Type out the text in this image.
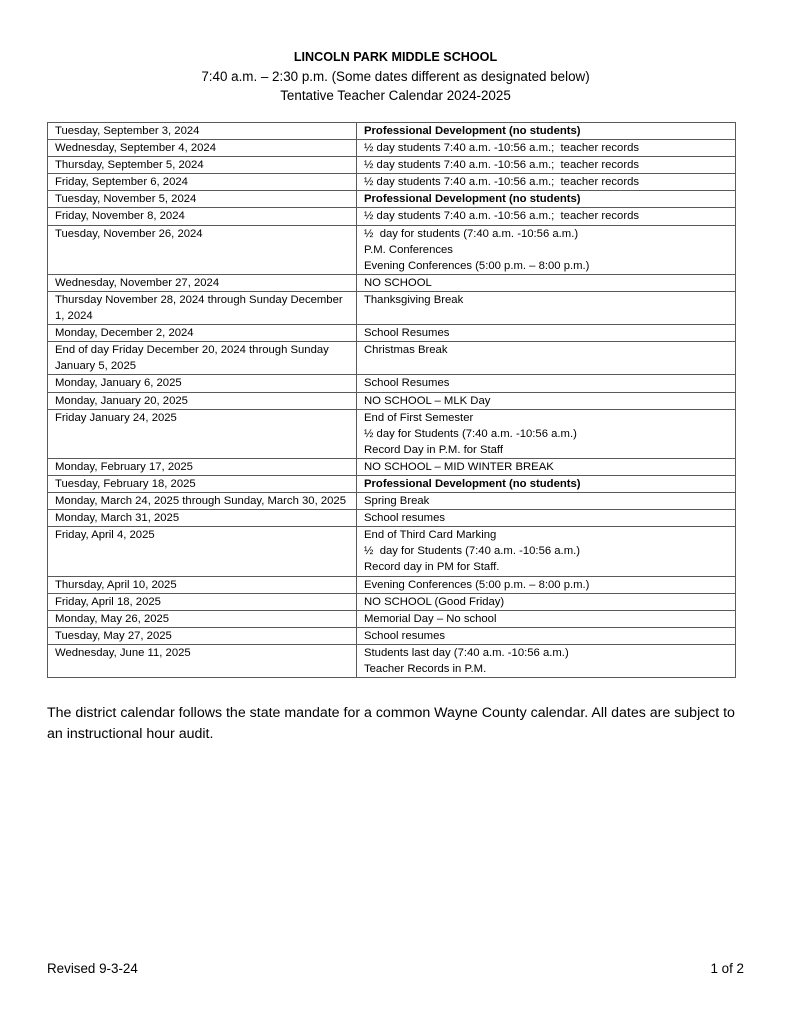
LINCOLN PARK MIDDLE SCHOOL
7:40 a.m. – 2:30 p.m. (Some dates different as designated below)
Tentative Teacher Calendar 2024-2025
Tuesday, September 3, 2024	Professional Development (no students)

Wednesday, September 4, 2024	½ day students 7:40 a.m. -10:56 a.m.;  teacher records

Thursday, September 5, 2024	½ day students 7:40 a.m. -10:56 a.m.;  teacher records

Friday, September 6, 2024	½ day students 7:40 a.m. -10:56 a.m.;  teacher records

Tuesday, November 5, 2024	Professional Development (no students)

Friday, November 8, 2024	½ day students 7:40 a.m. -10:56 a.m.;  teacher records

Tuesday, November 26, 2024	½  day for students (7:40 a.m. -10:56 a.m.)
P.M. Conferences
Evening Conferences (5:00 p.m. – 8:00 p.m.)

Wednesday, November 27, 2024	NO SCHOOL

Thursday November 28, 2024 through Sunday December 1, 2024	Thanksgiving Break

Monday, December 2, 2024	School Resumes

End of day Friday December 20, 2024 through Sunday January 5, 2025	Christmas Break

Monday, January 6, 2025	School Resumes

Monday, January 20, 2025	NO SCHOOL – MLK Day

Friday January 24, 2025	End of First Semester
½ day for Students (7:40 a.m. -10:56 a.m.)
Record Day in P.M. for Staff

Monday, February 17, 2025	NO SCHOOL – MID WINTER BREAK

Tuesday, February 18, 2025	Professional Development (no students)

Monday, March 24, 2025 through Sunday, March 30, 2025	Spring Break

Monday, March 31, 2025	School resumes

Friday, April 4, 2025	End of Third Card Marking
½  day for Students (7:40 a.m. -10:56 a.m.)
Record day in PM for Staff.

Thursday, April 10, 2025	Evening Conferences (5:00 p.m. – 8:00 p.m.)

Friday, April 18, 2025	NO SCHOOL (Good Friday)

Monday, May 26, 2025	Memorial Day – No school

Tuesday, May 27, 2025	School resumes

Wednesday, June 11, 2025	Students last day (7:40 a.m. -10:56 a.m.)
Teacher Records in P.M.
The district calendar follows the state mandate for a common Wayne County calendar. All dates are subject to an instructional hour audit.
Revised 9-3-24	1 of 2
